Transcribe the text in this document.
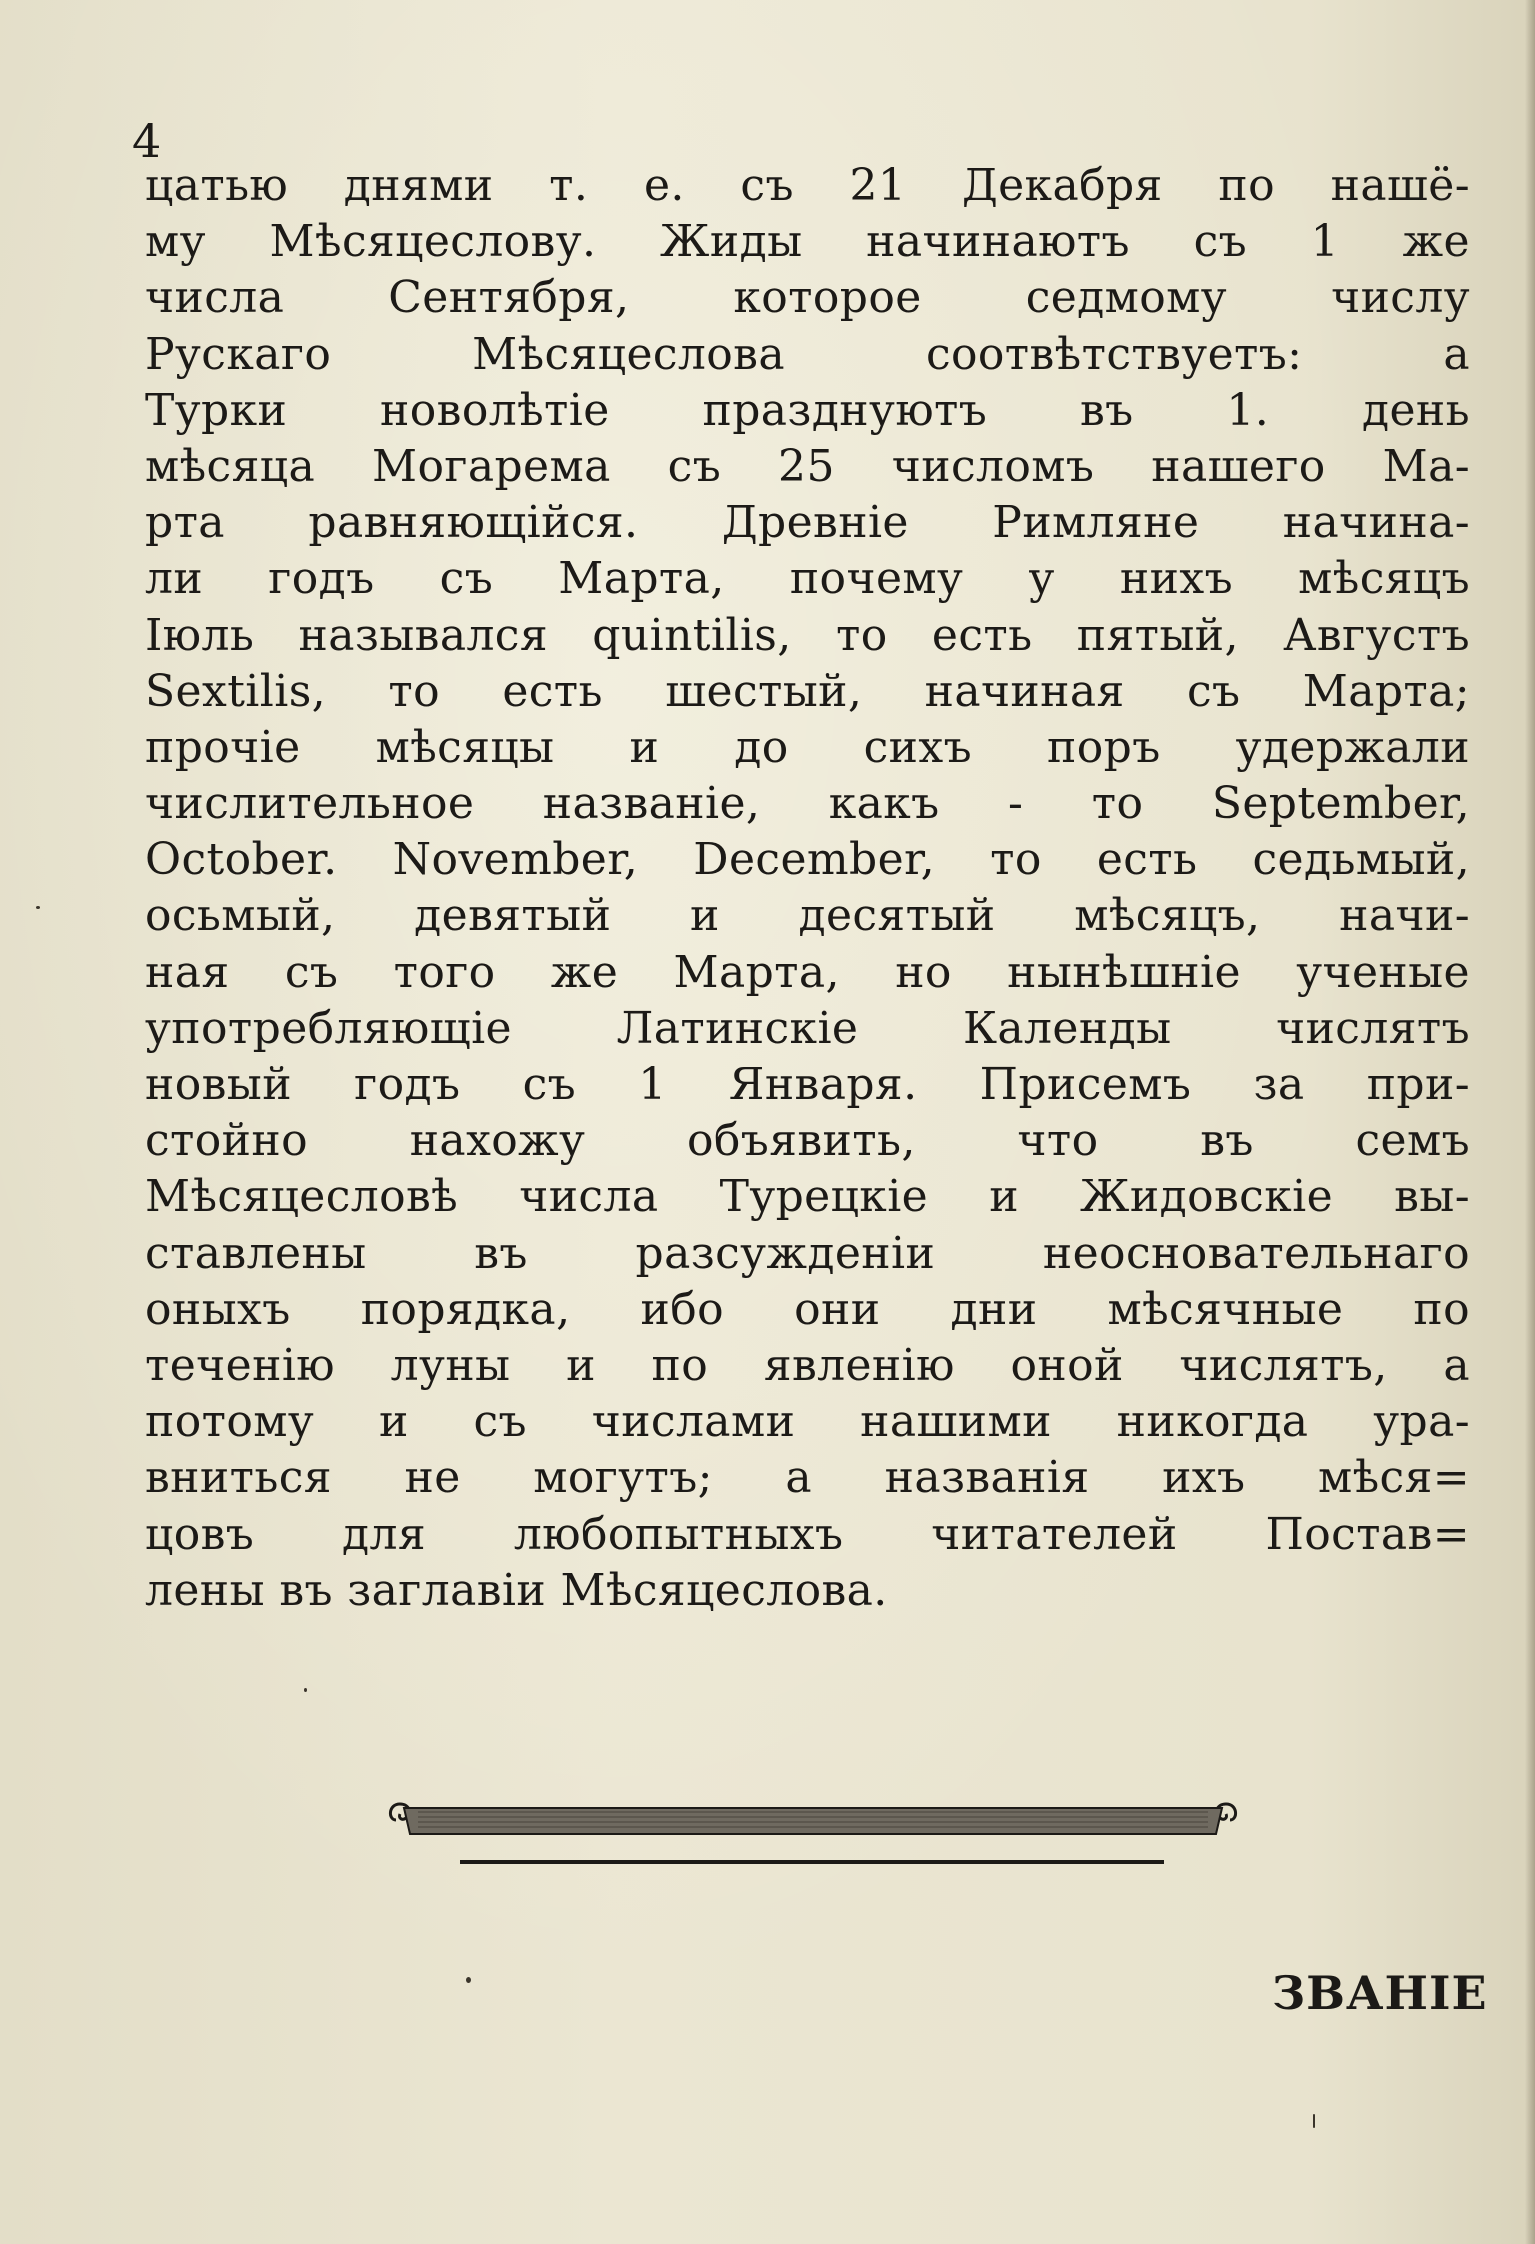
4
цатью днями т. е. съ 21 Декабря по нашё-
му Мѣсяцеслову. Жиды начинаютъ съ 1 же
числа Сентября, которое седмому числу
Рускаго Мѣсяцеслова соотвѣтствуетъ: а
Турки новолѣтіе празднуютъ въ 1. день
мѣсяца Могарема съ 25 числомъ нашего Ма-
рта равняющійся. Древніе Римляне начина-
ли годъ съ Марта, почему у нихъ мѣсяцъ
Іюль назывался quintilis, то есть пятый, Августъ
Sextilis, то есть шестый, начиная съ Марта;
прочіе мѣсяцы и до сихъ поръ удержали
числительное названіе, какъ - то September,
October. November, December, то есть седьмый,
осьмый, девятый и десятый мѣсяцъ, начи-
ная съ того же Марта, но нынѣшніе ученые
употребляющіе Латинскіе Календы числятъ
новый годъ съ 1 Января. Присемъ за при-
стойно нахожу объявить, что въ семъ
Мѣсяцесловѣ числа Турецкіе и Жидовскіе вы-
ставлены въ разсужденіи неосновательнаго
оныхъ порядка, ибо они дни мѣсячные по
теченію луны и по явленію оной числятъ, а
потому и съ числами нашими никогда ура-
вниться не могутъ; а названія ихъ мѣся=
цовъ для любопытныхъ читателей Постав=
лены въ заглавіи Мѣсяцеслова.
ЗВАНІЕ
